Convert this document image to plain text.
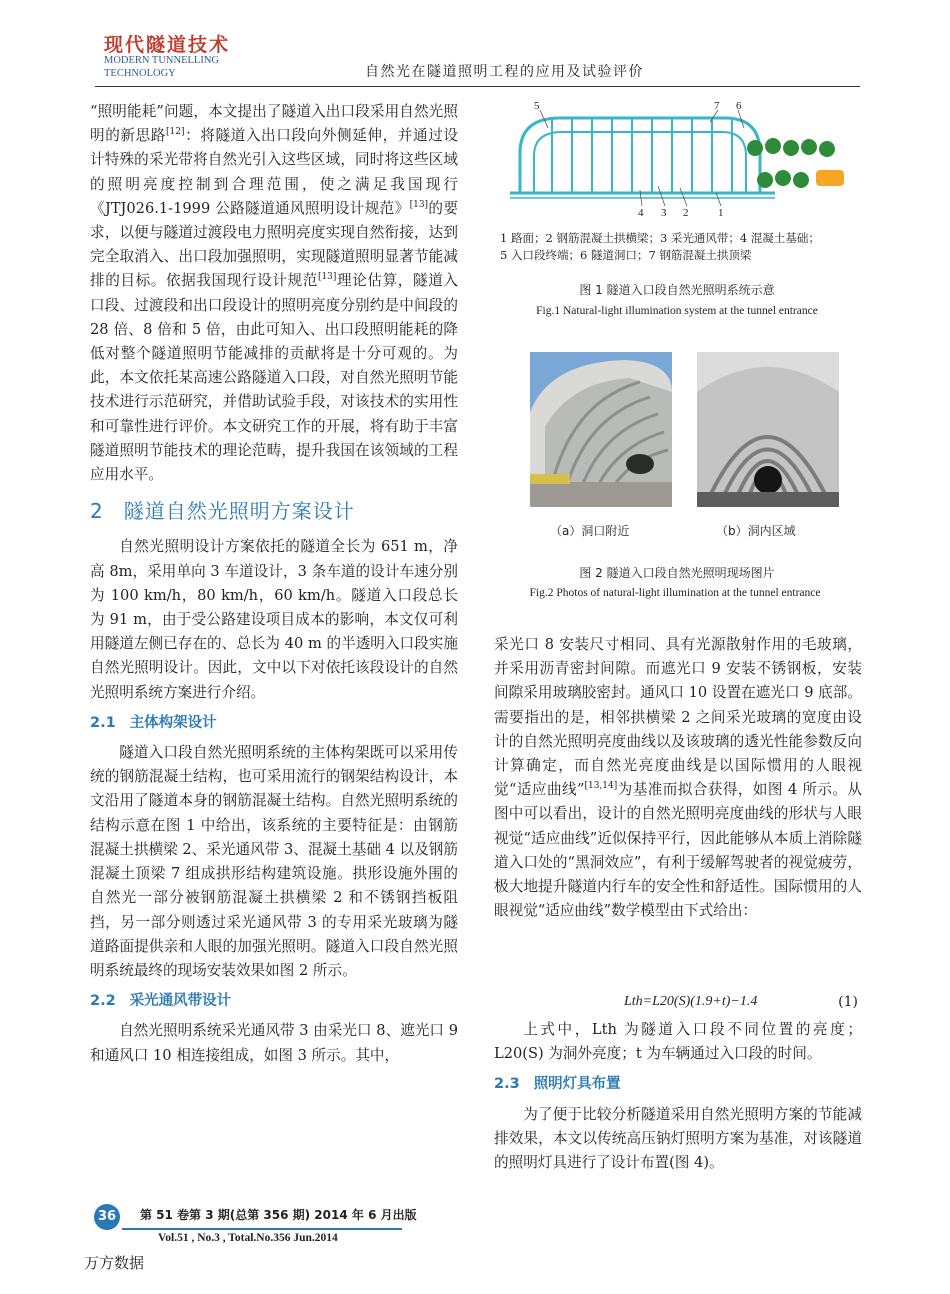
现代隧道技术
MODERN TUNNELLING
TECHNOLOGY	自然光在隧道照明工程的应用及试验评价

“照明能耗”问题，本文提出了隧道入出口段采用自然光照明的新思路[12]：将隧道入出口段向外侧延伸，并通过设计特殊的采光带将自然光引入这些区域，同时将这些区域的照明亮度控制到合理范围，使之满足我国现行《JTJ026.1-1999 公路隧道通风照明设计规范》[13]的要求，以便与隧道过渡段电力照明亮度实现自然衔接，达到完全取消入、出口段加强照明，实现隧道照明显著节能减排的目标。依据我国现行设计规范[13]理论估算，隧道入口段、过渡段和出口段设计的照明亮度分别约是中间段的 28 倍、8 倍和 5 倍，由此可知入、出口段照明能耗的降低对整个隧道照明节能减排的贡献将是十分可观的。为此，本文依托某高速公路隧道入口段，对自然光照明节能技术进行示范研究，并借助试验手段，对该技术的实用性和可靠性进行评价。本文研究工作的开展，将有助于丰富隧道照明节能技术的理论范畴，提升我国在该领域的工程应用水平。

2 隧道自然光照明方案设计

自然光照明设计方案依托的隧道全长为 651 m，净高 8m，采用单向 3 车道设计，3 条车道的设计车速分别为 100 km/h，80 km/h，60 km/h。隧道入口段总长为 91 m，由于受公路建设项目成本的影响，本文仅可利用隧道左侧已存在的、总长为 40 m 的半透明入口段实施自然光照明设计。因此，文中以下对依托该段设计的自然光照明系统方案进行介绍。

2.1 主体构架设计

隧道入口段自然光照明系统的主体构架既可以采用传统的钢筋混凝土结构，也可采用流行的钢架结构设计，本文沿用了隧道本身的钢筋混凝土结构。自然光照明系统的结构示意在图 1 中给出，该系统的主要特征是：由钢筋混凝土拱横梁 2、采光通风带 3、混凝土基础 4 以及钢筋混凝土顶梁 7 组成拱形结构建筑设施。拱形设施外围的自然光一部分被钢筋混凝土拱横梁 2 和不锈钢挡板阻挡，另一部分则透过采光通风带 3 的专用采光玻璃为隧道路面提供亲和人眼的加强光照明。隧道入口段自然光照明系统最终的现场安装效果如图 2 所示。

2.2 采光通风带设计

自然光照明系统采光通风带 3 由采光口 8、遮光口 9 和通风口 10 相连接组成，如图 3 所示。其中，

5	7 6
4 3 2	1
1 路面；2 钢筋混凝土拱横梁；3 采光通风带；4 混凝土基础；
5 入口段终端；6 隧道洞口；7 钢筋混凝土拱顶梁
图 1 隧道入口段自然光照明系统示意
Fig.1 Natural-light illumination system at the tunnel entrance
（a）洞口附近	（b）洞内区域
图 2 隧道入口段自然光照明现场图片
Fig.2 Photos of natural-light illumination at the tunnel entrance

采光口 8 安装尺寸相同、具有光源散射作用的毛玻璃，并采用沥青密封间隙。而遮光口 9 安装不锈钢板，安装间隙采用玻璃胶密封。通风口 10 设置在遮光口 9 底部。需要指出的是，相邻拱横梁 2 之间采光玻璃的宽度由设计的自然光照明亮度曲线以及该玻璃的透光性能参数反向计算确定，而自然光亮度曲线是以国际惯用的人眼视觉“适应曲线”[13,14]为基准而拟合获得，如图 4 所示。从图中可以看出，设计的自然光照明亮度曲线的形状与人眼视觉“适应曲线”近似保持平行，因此能够从本质上消除隧道入口处的“黑洞效应”，有利于缓解驾驶者的视觉疲劳，极大地提升隧道内行车的安全性和舒适性。国际惯用的人眼视觉“适应曲线”数学模型由下式给出：

Lth=L20(S)(1.9+t)−1.4	(1)

上式中，Lth 为隧道入口段不同位置的亮度；L20(S) 为洞外亮度；t 为车辆通过入口段的时间。

2.3 照明灯具布置

为了便于比较分析隧道采用自然光照明方案的节能减排效果，本文以传统高压钠灯照明方案为基准，对该隧道的照明灯具进行了设计布置(图 4)。

36	第 51 卷第 3 期(总第 356 期) 2014 年 6 月出版
Vol.51 , No.3 , Total.No.356 Jun.2014
万方数据
